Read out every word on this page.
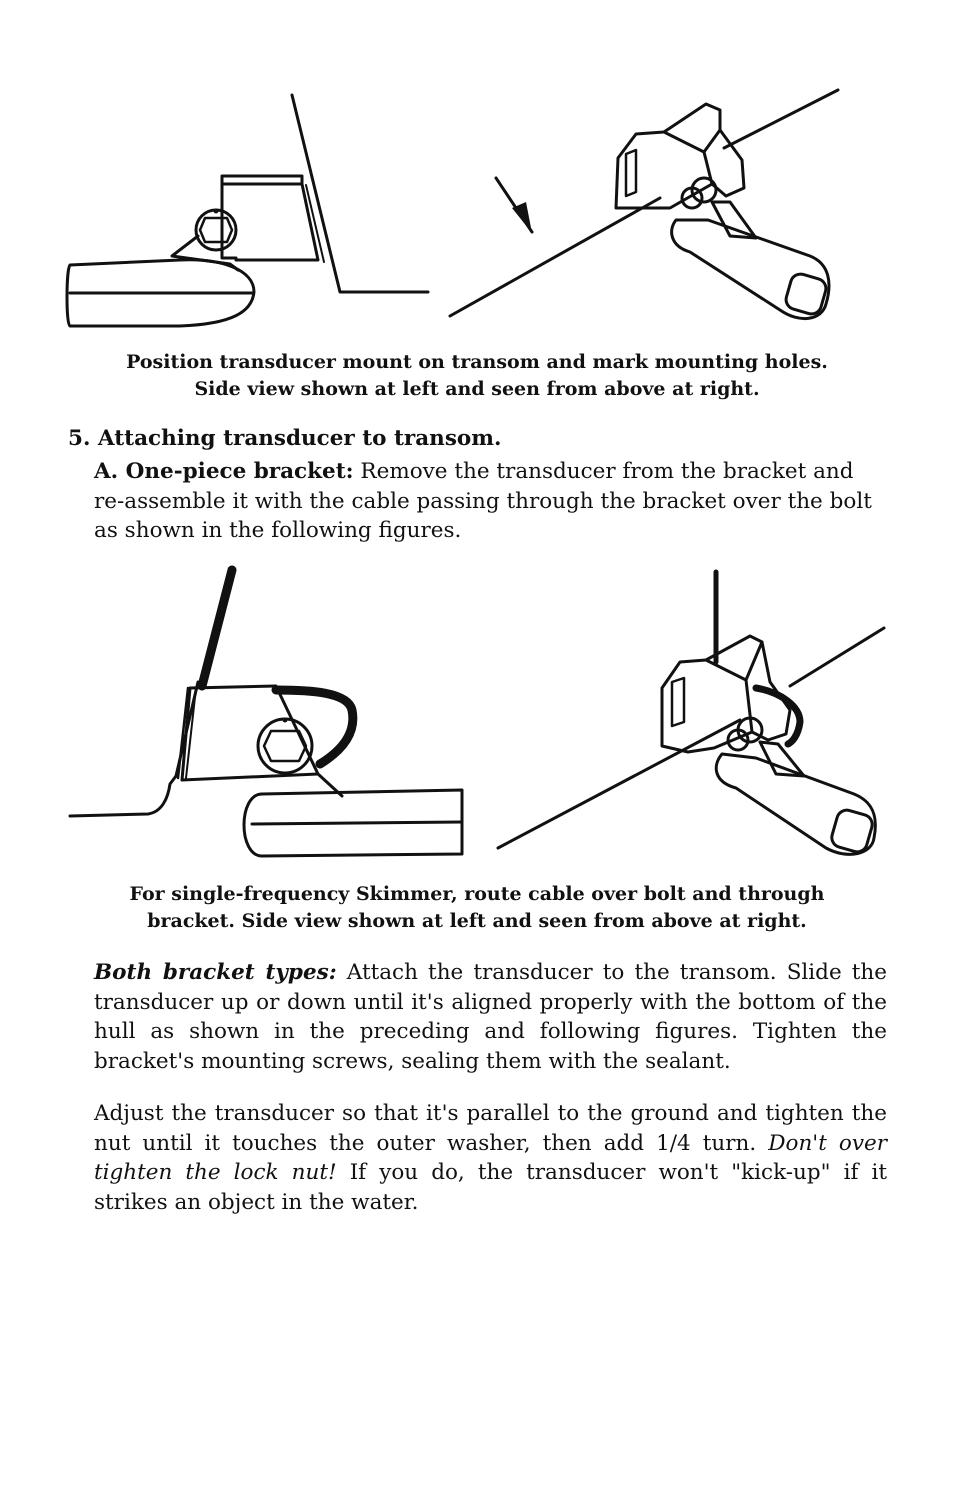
Position transducer mount on transom and mark mounting holes.
Side view shown at left and seen from above at right.
5. Attaching transducer to transom.
A. One-piece bracket: Remove the transducer from the bracket and re-assemble it with the cable passing through the bracket over the bolt as shown in the following figures.
For single-frequency Skimmer, route cable over bolt and through
bracket. Side view shown at left and seen from above at right.
Both bracket types: Attach the transducer to the transom. Slide the transducer up or down until it's aligned properly with the bottom of the hull as shown in the preceding and following figures. Tighten the bracket's mounting screws, sealing them with the sealant.
Adjust the transducer so that it's parallel to the ground and tighten the nut until it touches the outer washer, then add 1/4 turn. Don't over tighten the lock nut! If you do, the transducer won't "kick-up" if it strikes an object in the water.
